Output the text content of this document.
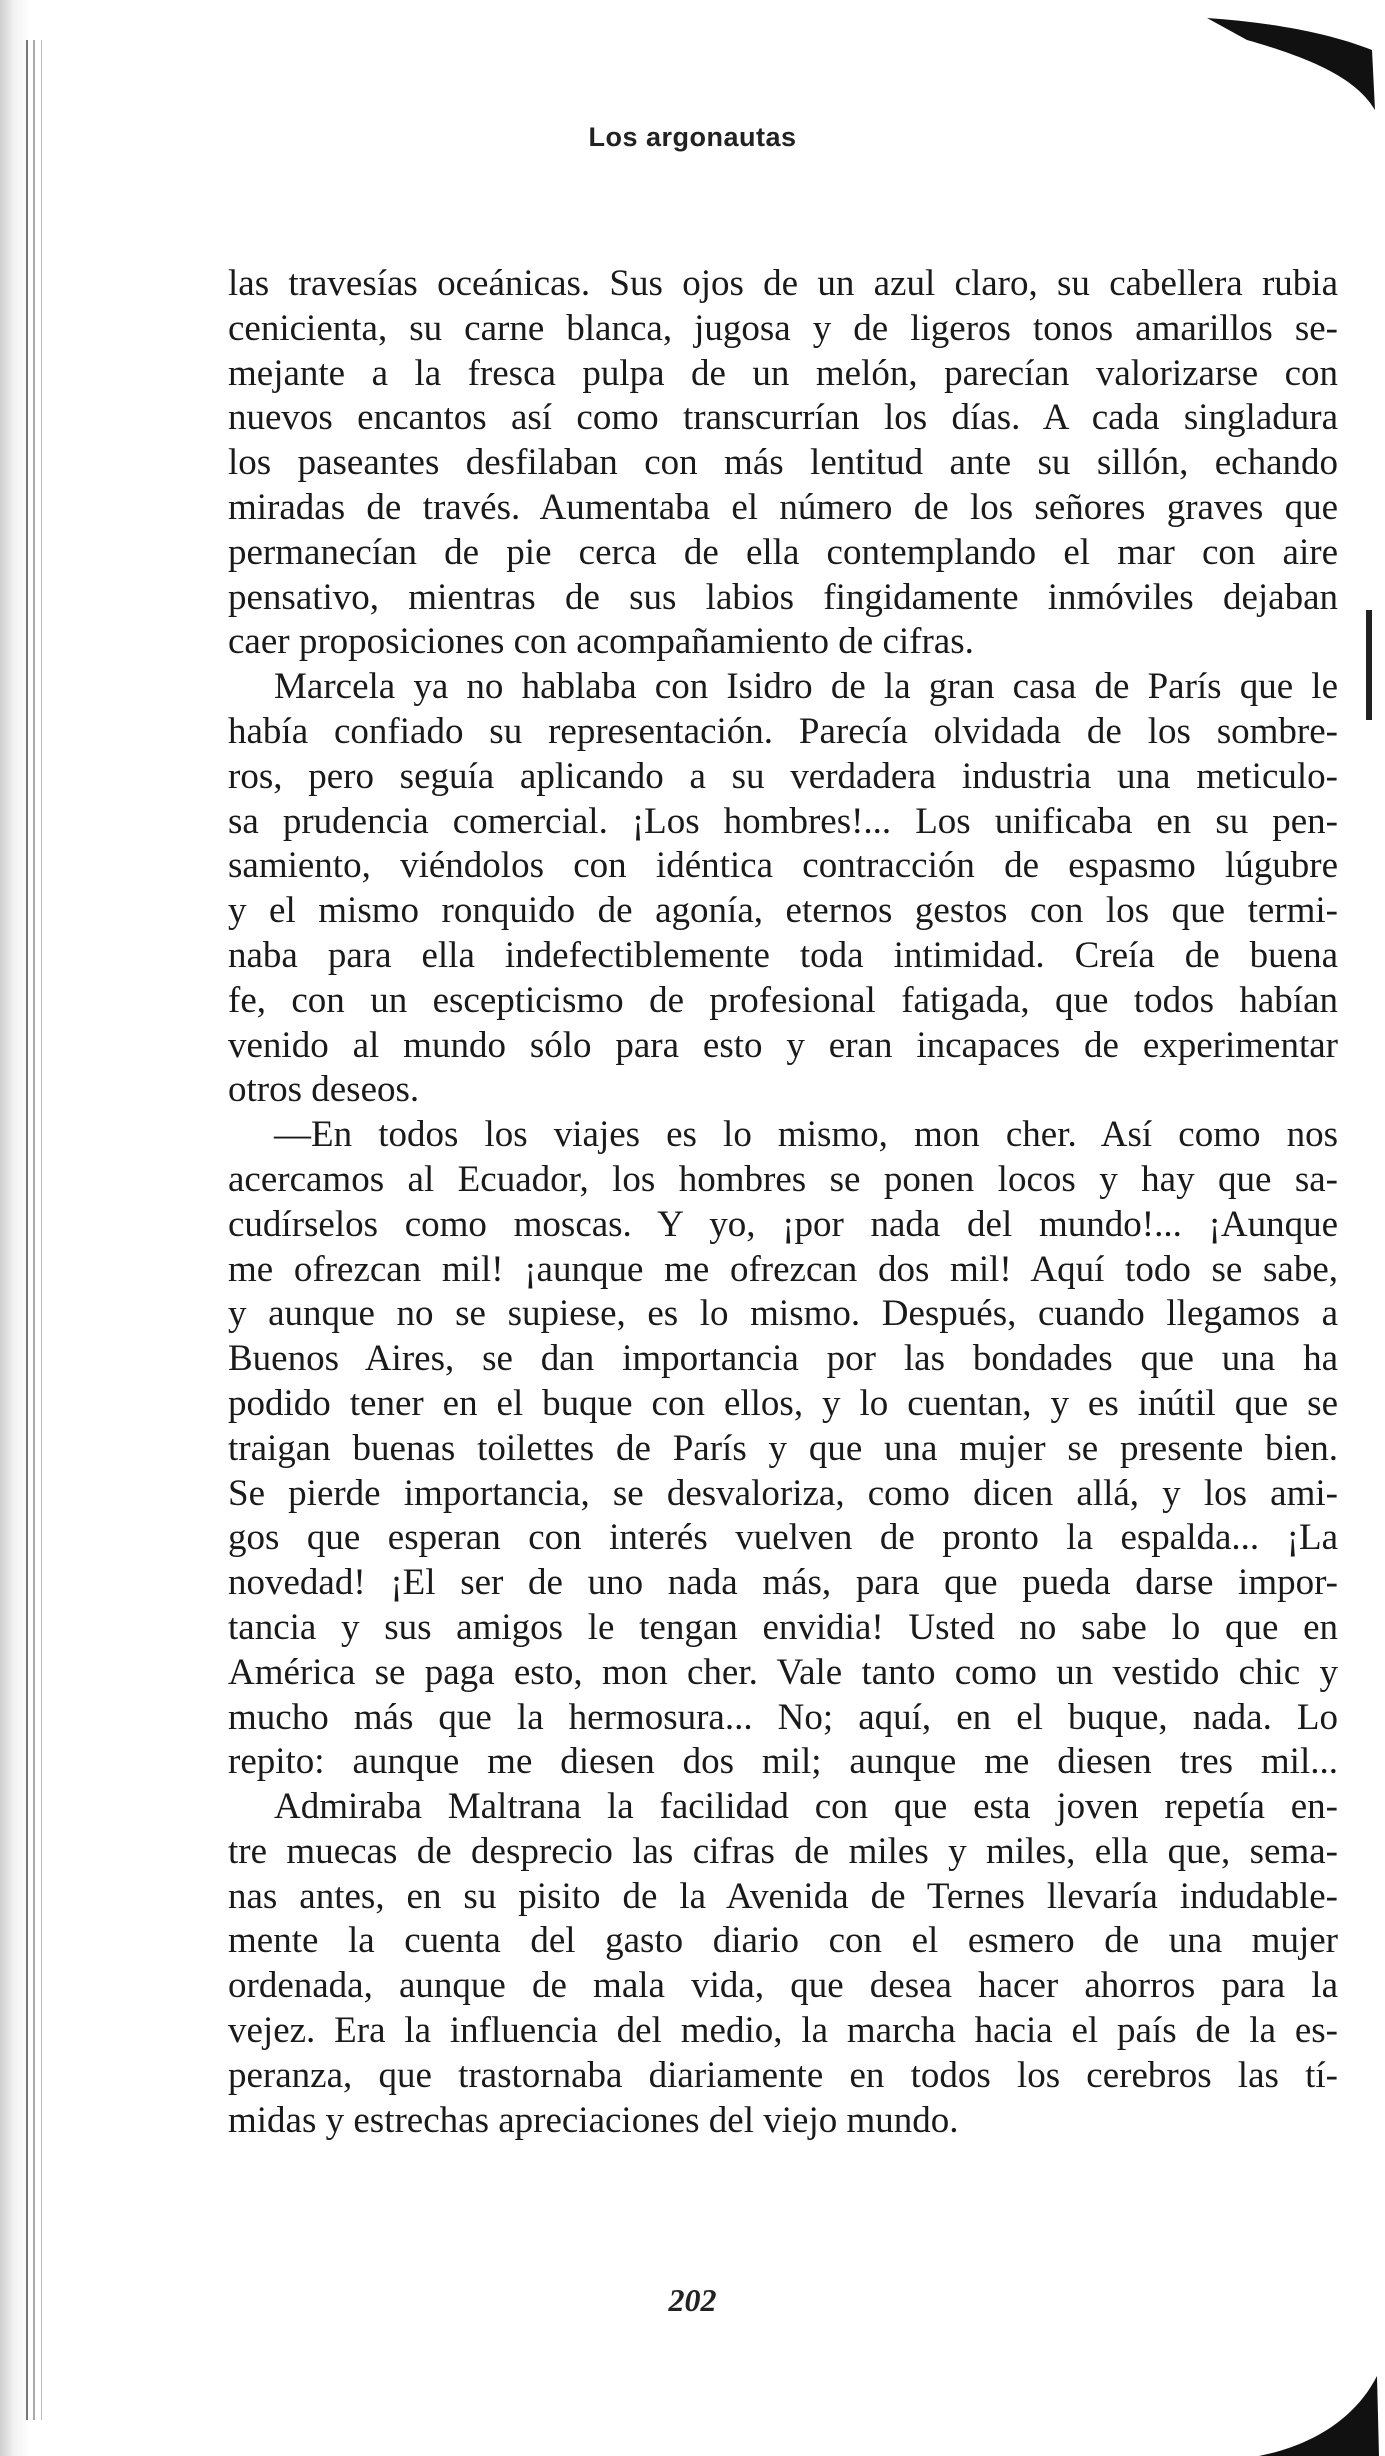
Los argonautas
las travesías oceánicas. Sus ojos de un azul claro, su cabellera rubia
cenicienta, su carne blanca, jugosa y de ligeros tonos amarillos se-
mejante a la fresca pulpa de un melón, parecían valorizarse con
nuevos encantos así como transcurrían los días. A cada singladura
los paseantes desfilaban con más lentitud ante su sillón, echando
miradas de través. Aumentaba el número de los señores graves que
permanecían de pie cerca de ella contemplando el mar con aire
pensativo, mientras de sus labios fingidamente inmóviles dejaban
caer proposiciones con acompañamiento de cifras.
Marcela ya no hablaba con Isidro de la gran casa de París que le
había confiado su representación. Parecía olvidada de los sombre-
ros, pero seguía aplicando a su verdadera industria una meticulo-
sa prudencia comercial. ¡Los hombres!... Los unificaba en su pen-
samiento, viéndolos con idéntica contracción de espasmo lúgubre
y el mismo ronquido de agonía, eternos gestos con los que termi-
naba para ella indefectiblemente toda intimidad. Creía de buena
fe, con un escepticismo de profesional fatigada, que todos habían
venido al mundo sólo para esto y eran incapaces de experimentar
otros deseos.
—En todos los viajes es lo mismo, mon cher. Así como nos
acercamos al Ecuador, los hombres se ponen locos y hay que sa-
cudírselos como moscas. Y yo, ¡por nada del mundo!... ¡Aunque
me ofrezcan mil! ¡aunque me ofrezcan dos mil! Aquí todo se sabe,
y aunque no se supiese, es lo mismo. Después, cuando llegamos a
Buenos Aires, se dan importancia por las bondades que una ha
podido tener en el buque con ellos, y lo cuentan, y es inútil que se
traigan buenas toilettes de París y que una mujer se presente bien.
Se pierde importancia, se desvaloriza, como dicen allá, y los ami-
gos que esperan con interés vuelven de pronto la espalda... ¡La
novedad! ¡El ser de uno nada más, para que pueda darse impor-
tancia y sus amigos le tengan envidia! Usted no sabe lo que en
América se paga esto, mon cher. Vale tanto como un vestido chic y
mucho más que la hermosura... No; aquí, en el buque, nada. Lo
repito: aunque me diesen dos mil; aunque me diesen tres mil...
Admiraba Maltrana la facilidad con que esta joven repetía en-
tre muecas de desprecio las cifras de miles y miles, ella que, sema-
nas antes, en su pisito de la Avenida de Ternes llevaría indudable-
mente la cuenta del gasto diario con el esmero de una mujer
ordenada, aunque de mala vida, que desea hacer ahorros para la
vejez. Era la influencia del medio, la marcha hacia el país de la es-
peranza, que trastornaba diariamente en todos los cerebros las tí-
midas y estrechas apreciaciones del viejo mundo.
202
